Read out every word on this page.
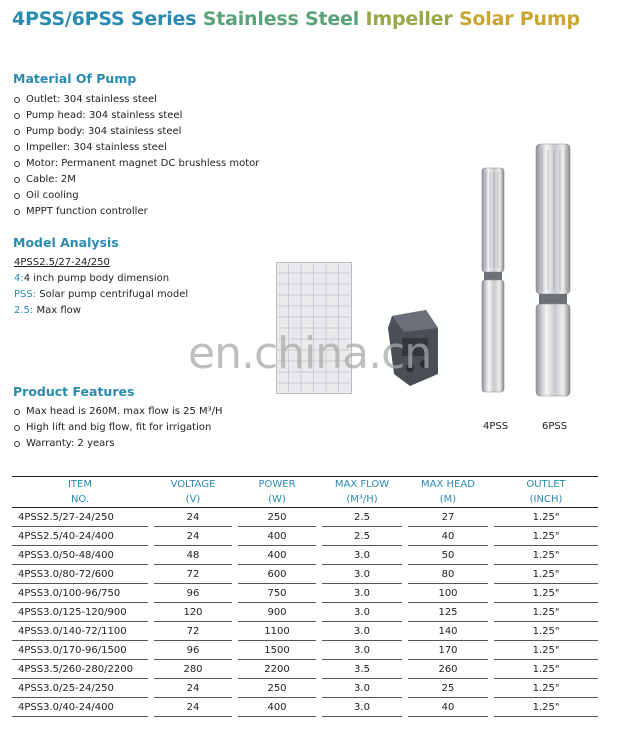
4PSS/6PSS Series Stainless Steel Impeller Solar Pump
Material Of Pump
Outlet: 304 stainless steel
Pump head: 304 stainless steel
Pump body: 304 stainless steel
Impeller: 304 stainless steel
Motor: Permanent magnet DC brushless motor
Cable: 2M
Oil cooling
MPPT function controller
Model Analysis
4PSS2.5/27-24/250
4:4 inch pump body dimension
PSS: Solar pump centrifugal model
2.5: Max flow
Product Features
Max head is 260M. max flow is 25 M³/H
High lift and big flow, fit for irrigation
Warranty: 2 years
4PSS	6PSS
en.china.cn
ITEM		VOLTAGE		POWER		MAX FLOW		MAX HEAD		OUTLET
NO.		(V)		(W)		(M³/H)		(M)		(INCH)
4PSS2.5/27-24/250		24		250		2.5		27		1.25"
4PSS2.5/40-24/400		24		400		2.5		40		1.25"
4PSS3.0/50-48/400		48		400		3.0		50		1.25"
4PSS3.0/80-72/600		72		600		3.0		80		1.25"
4PSS3.0/100-96/750		96		750		3.0		100		1.25"
4PSS3.0/125-120/900		120		900		3.0		125		1.25"
4PSS3.0/140-72/1100		72		1100		3.0		140		1.25"
4PSS3.0/170-96/1500		96		1500		3.0		170		1.25"
4PSS3.5/260-280/2200		280		2200		3.5		260		1.25"
4PSS3.0/25-24/250		24		250		3.0		25		1.25"
4PSS3.0/40-24/400		24		400		3.0		40		1.25"
